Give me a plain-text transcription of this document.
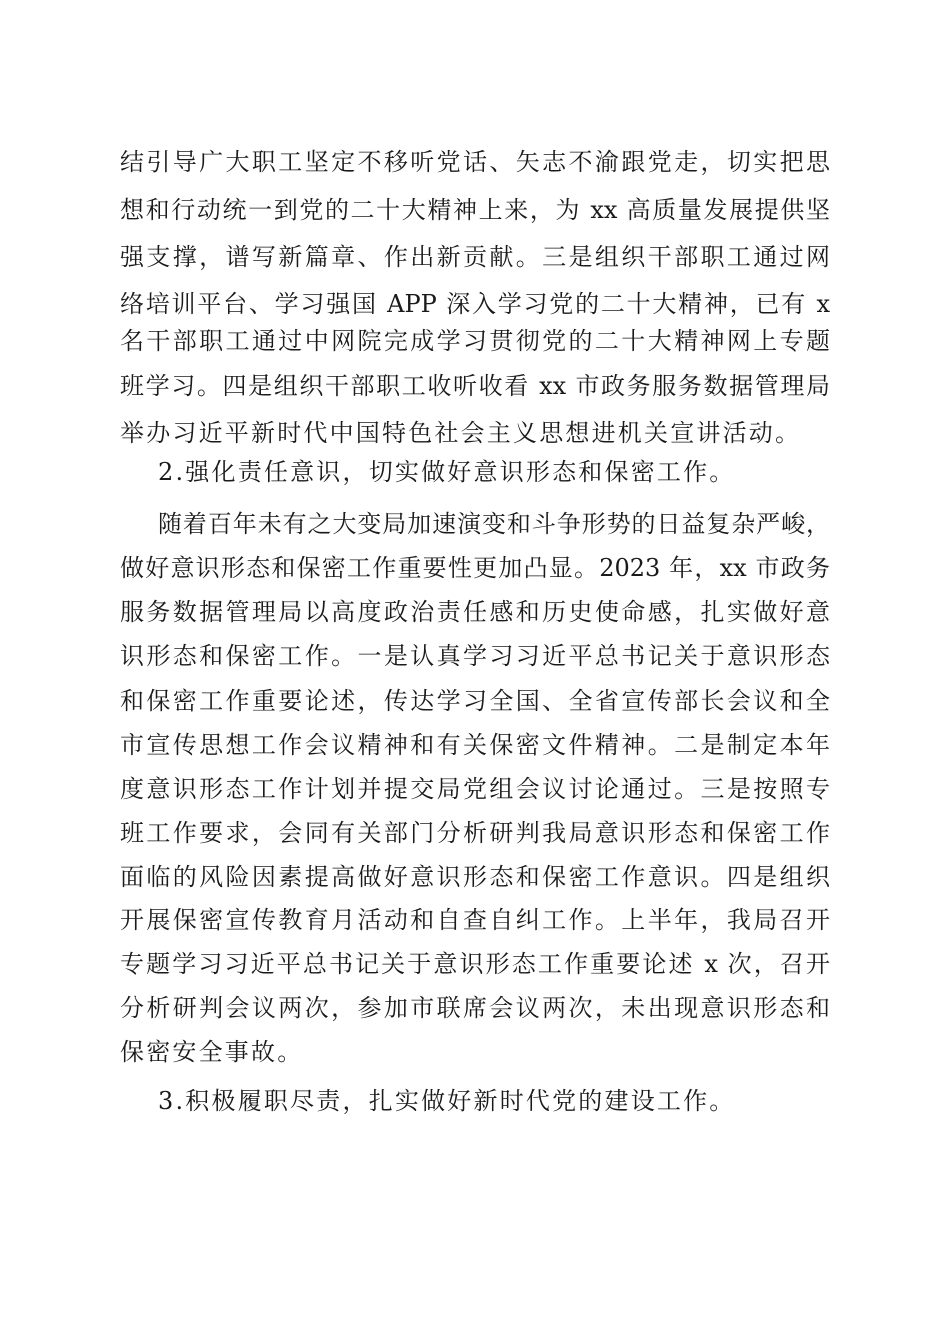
结引导广大职工坚定不移听党话、矢志不渝跟党走，切实把思
想和行动统一到党的二十大精神上来，为 xx 高质量发展提供坚
强支撑，谱写新篇章、作出新贡献。三是组织干部职工通过网
络培训平台、学习强国 APP 深入学习党的二十大精神，已有 x
名干部职工通过中网院完成学习贯彻党的二十大精神网上专题
班学习。四是组织干部职工收听收看 xx 市政务服务数据管理局
举办习近平新时代中国特色社会主义思想进机关宣讲活动。
2.强化责任意识，切实做好意识形态和保密工作。
随着百年未有之大变局加速演变和斗争形势的日益复杂严峻，
做好意识形态和保密工作重要性更加凸显。2023 年，xx 市政务
服务数据管理局以高度政治责任感和历史使命感，扎实做好意
识形态和保密工作。一是认真学习习近平总书记关于意识形态
和保密工作重要论述，传达学习全国、全省宣传部长会议和全
市宣传思想工作会议精神和有关保密文件精神。二是制定本年
度意识形态工作计划并提交局党组会议讨论通过。三是按照专
班工作要求，会同有关部门分析研判我局意识形态和保密工作
面临的风险因素提高做好意识形态和保密工作意识。四是组织
开展保密宣传教育月活动和自查自纠工作。上半年，我局召开
专题学习习近平总书记关于意识形态工作重要论述 x 次，召开
分析研判会议两次，参加市联席会议两次，未出现意识形态和
保密安全事故。
3.积极履职尽责，扎实做好新时代党的建设工作。
